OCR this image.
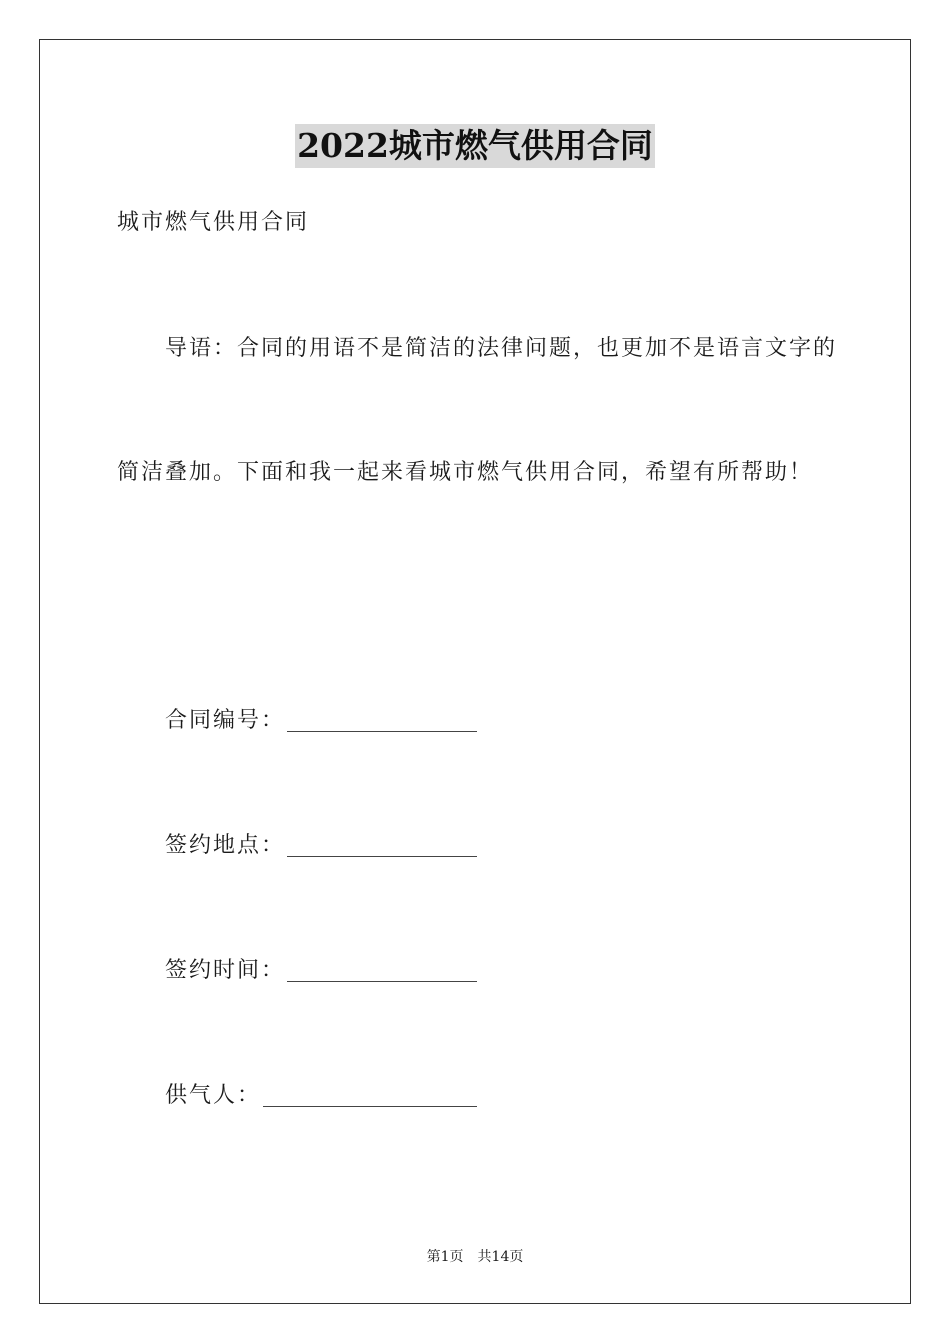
2022城市燃气供用合同
城市燃气供用合同
导语：合同的用语不是简洁的法律问题，也更加不是语言文字的
简洁叠加。下面和我一起来看城市燃气供用合同，希望有所帮助！
合同编号：
签约地点：
签约时间：
供气人：
第1页 共14页
